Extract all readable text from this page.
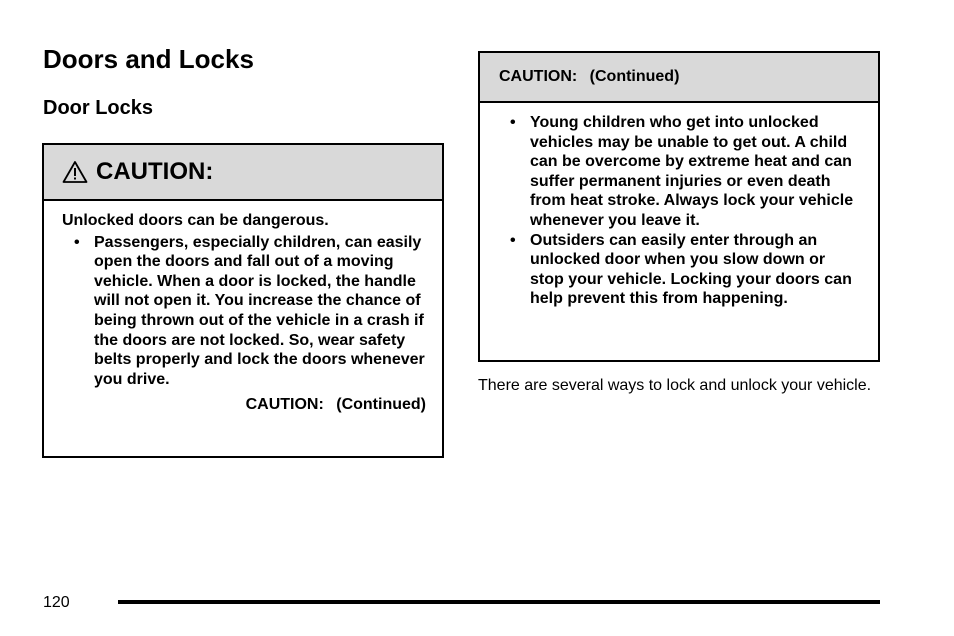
Doors and Locks
Door Locks
CAUTION:
Unlocked doors can be dangerous.
• Passengers, especially children, can easily open the doors and fall out of a moving vehicle. When a door is locked, the handle will not open it. You increase the chance of being thrown out of the vehicle in a crash if the doors are not locked. So, wear safety belts properly and lock the doors whenever you drive.
CAUTION: (Continued)
CAUTION: (Continued)
• Young children who get into unlocked vehicles may be unable to get out. A child can be overcome by extreme heat and can suffer permanent injuries or even death from heat stroke. Always lock your vehicle whenever you leave it.
• Outsiders can easily enter through an unlocked door when you slow down or stop your vehicle. Locking your doors can help prevent this from happening.

There are several ways to lock and unlock your vehicle.

120
